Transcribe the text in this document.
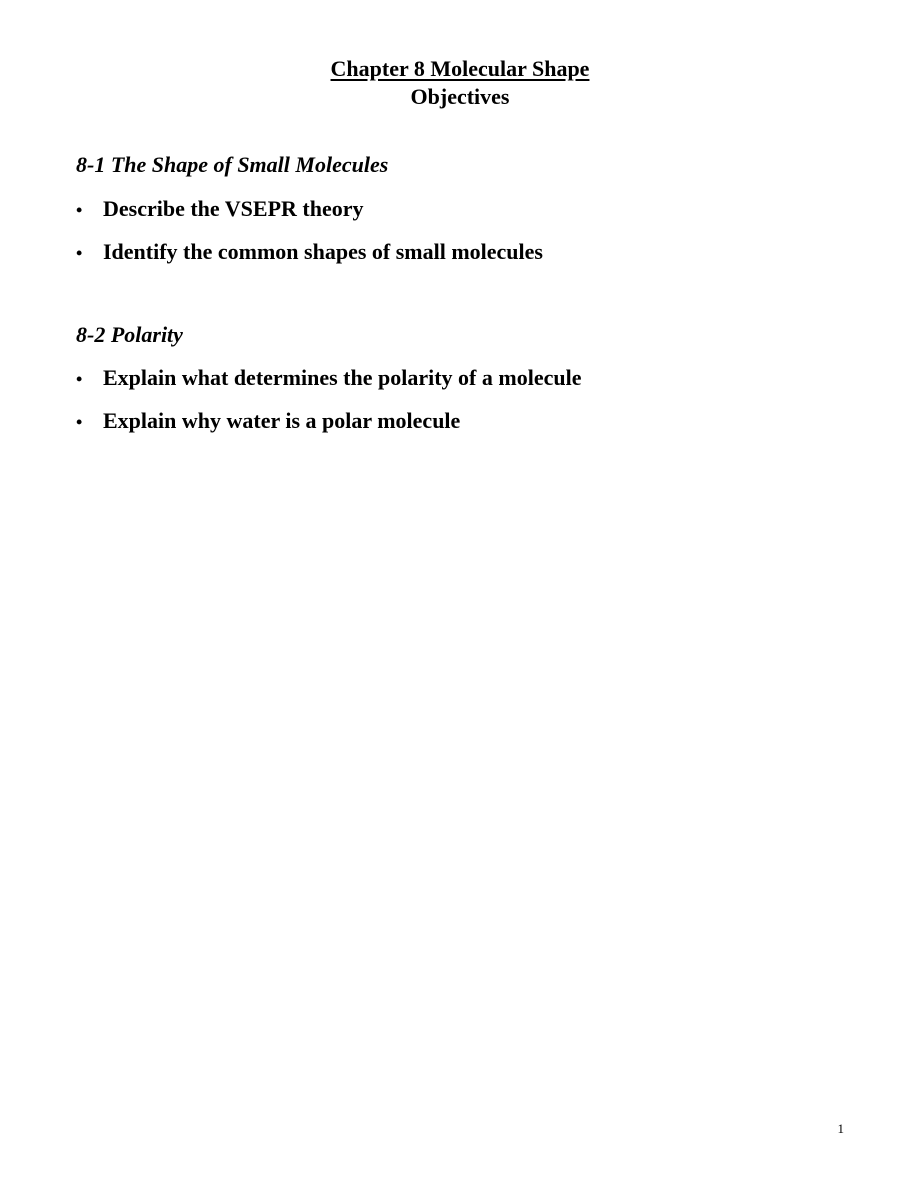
Chapter 8 Molecular Shape
Objectives
8-1 The Shape of Small Molecules
• Describe the VSEPR theory
• Identify the common shapes of small molecules
8-2 Polarity
• Explain what determines the polarity of a molecule
• Explain why water is a polar molecule
1
